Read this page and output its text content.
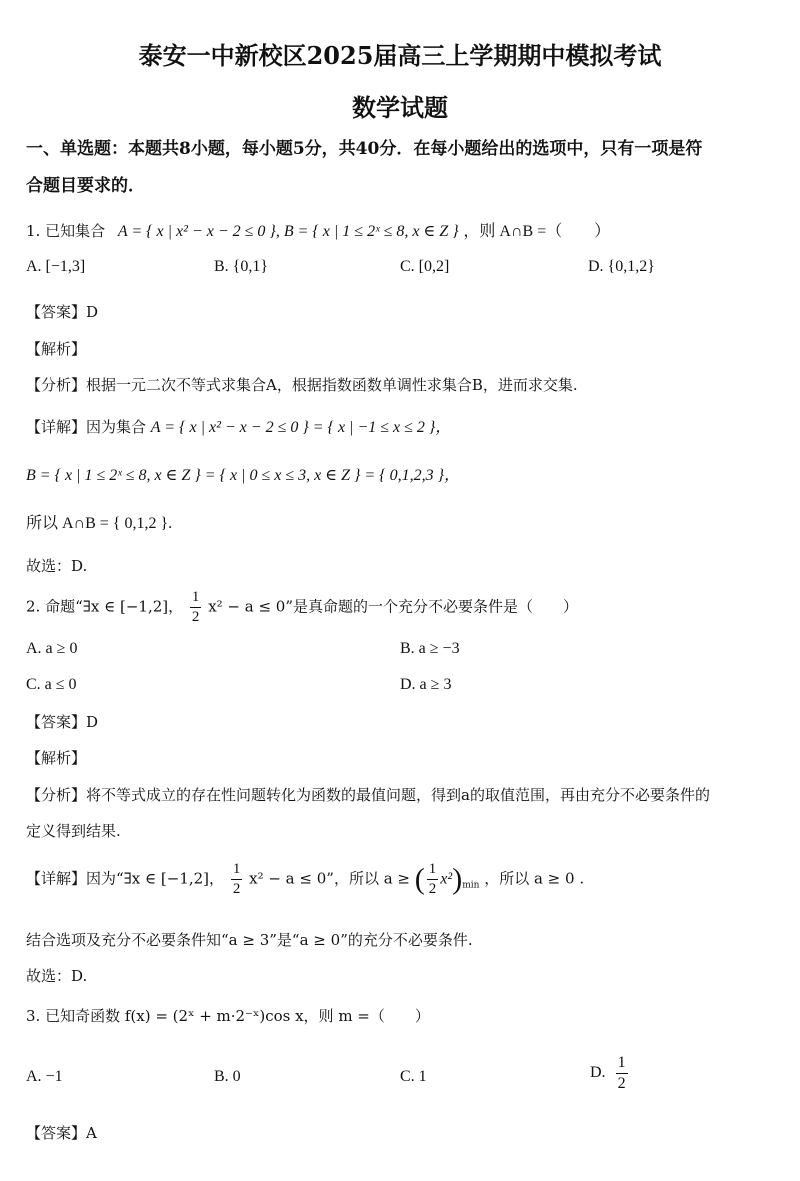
泰安一中新校区2025届高三上学期期中模拟考试
数学试题
一、单选题：本题共8小题，每小题5分，共40分．在每小题给出的选项中，只有一项是符
合题目要求的．
1. 已知集合 A = { x | x² − x − 2 ≤ 0 }, B = { x | 1 ≤ 2ˣ ≤ 8, x ∈ Z } ，则 A∩B =（　　）
A. [−1,3]	B. {0,1}	C. [0,2]	D. {0,1,2}
【答案】D
【解析】
【分析】根据一元二次不等式求集合A，根据指数函数单调性求集合B，进而求交集.
【详解】因为集合 A = { x | x² − x − 2 ≤ 0 } = { x | −1 ≤ x ≤ 2 }，
B = { x | 1 ≤ 2ˣ ≤ 8, x ∈ Z } = { x | 0 ≤ x ≤ 3, x ∈ Z } = { 0,1,2,3 }，
所以 A∩B = { 0,1,2 }.
故选：D.
2. 命题“∃x ∈ [−1,2]， $\frac{1}{2} x^2 - a \le 0$”是真命题的一个充分不必要条件是（　　）
A. a ≥ 0	B. a ≥ −3
C. a ≤ 0	D. a ≥ 3
【答案】D
【解析】
【分析】将不等式成立的存在性问题转化为函数的最值问题，得到a的取值范围，再由充分不必要条件的
定义得到结果.
【详解】因为“∃x ∈ [−1,2]， $\frac{1}{2} x^2 - a \le 0$”，所以 a ≥ ( $\frac{1}{2} x^2)_{min}$ ，所以 a ≥ 0 .
结合选项及充分不必要条件知“a ≥ 3”是“a ≥ 0”的充分不必要条件.
故选：D.
3. 已知奇函数 f(x) = (2ˣ + m·2⁻ˣ)cos x，则 m =（　　）
A. −1	B. 0	C. 1	D. $\frac{1}{2}$
【答案】A
